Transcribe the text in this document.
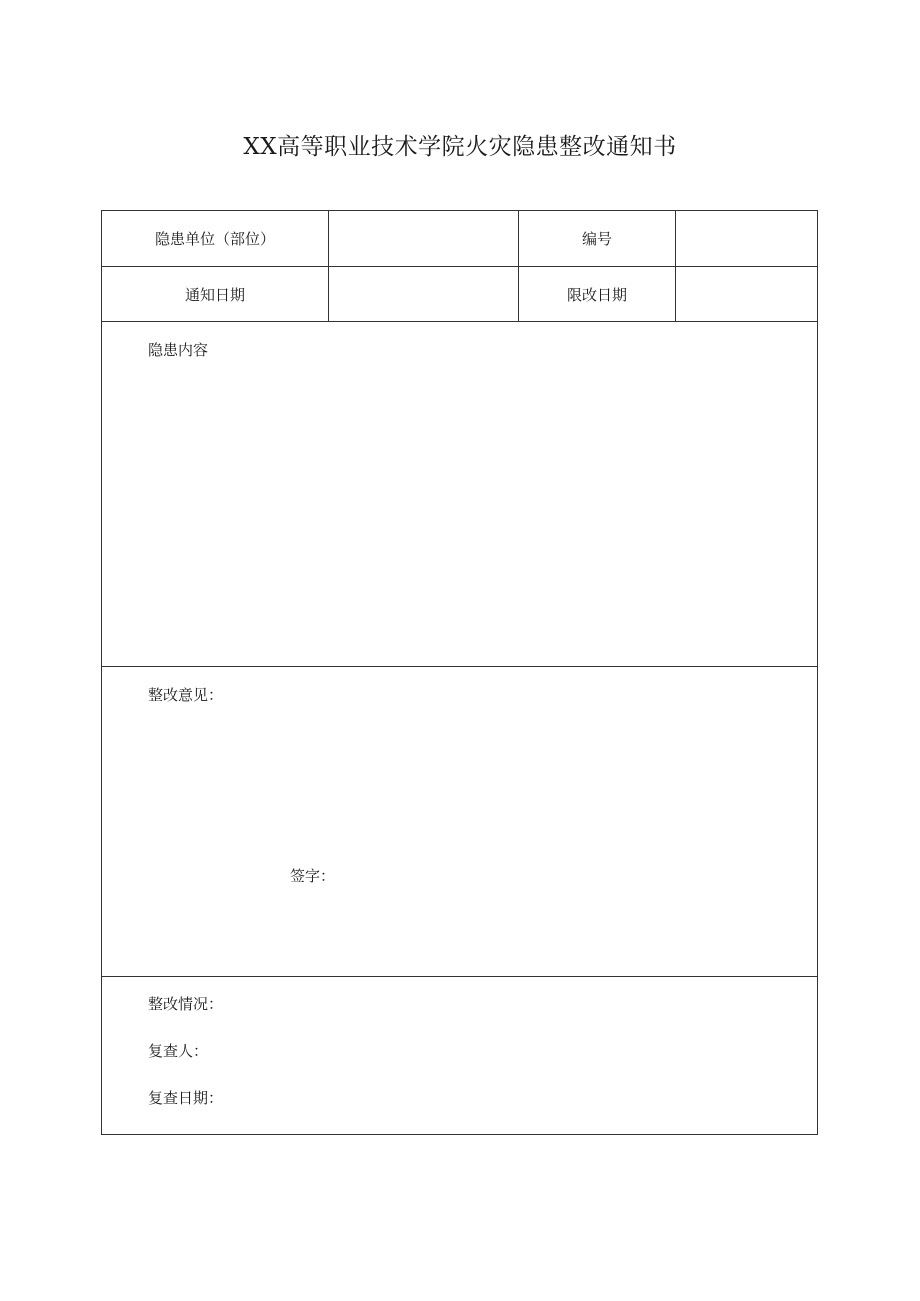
XX高等职业技术学院火灾隐患整改通知书
隐患单位（部位）	编号
通知日期	限改日期
隐患内容
整改意见：
签字：
整改情况：
复查人：
复查日期：
